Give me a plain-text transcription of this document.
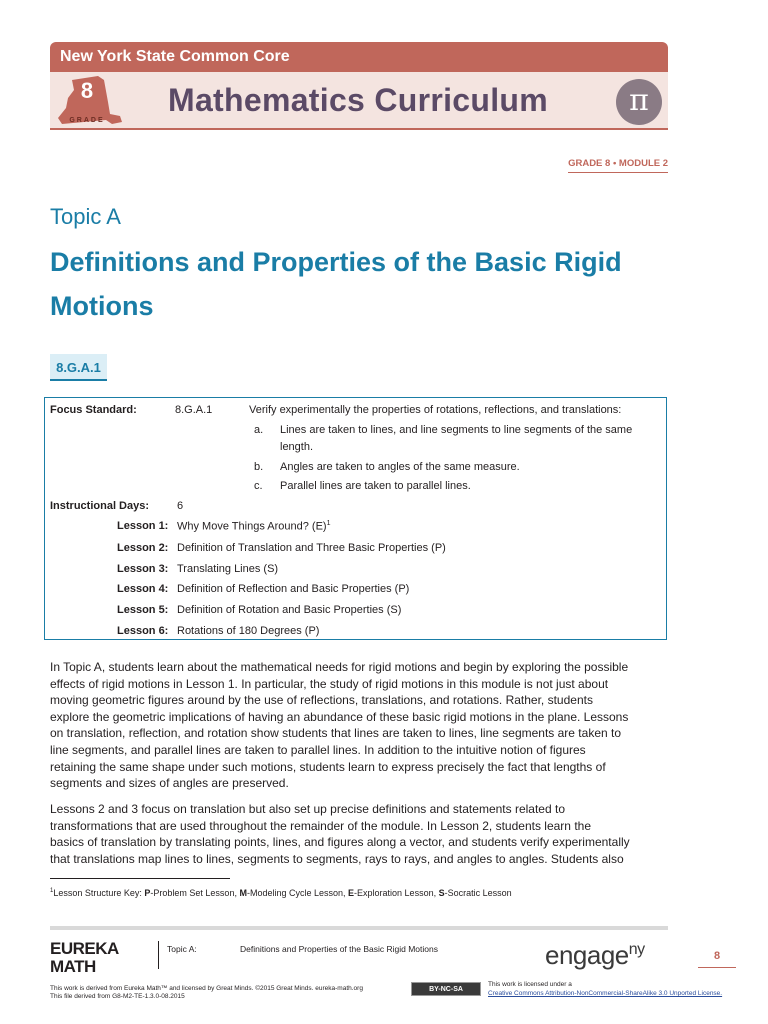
New York State Common Core
8
GRADE
Mathematics Curriculum	π
GRADE 8 • MODULE 2
Topic A
Definitions and Properties of the Basic Rigid Motions
8.G.A.1
Focus Standard:	8.G.A.1	Verify experimentally the properties of rotations, reflections, and translations:
a. Lines are taken to lines, and line segments to line segments of the same
length.
b. Angles are taken to angles of the same measure.
c. Parallel lines are taken to parallel lines.
Instructional Days:	6
Lesson 1: Why Move Things Around? $(E)^1$
Lesson 2: Definition of Translation and Three Basic Properties (P)
Lesson 3: Translating Lines (S)
Lesson 4: Definition of Reflection and Basic Properties (P)
Lesson 5: Definition of Rotation and Basic Properties (S)
Lesson 6: Rotations of 180 Degrees (P)
In Topic A, students learn about the mathematical needs for rigid motions and begin by exploring the possible
effects of rigid motions in Lesson 1. In particular, the study of rigid motions in this module is not just about
moving geometric figures around by the use of reflections, translations, and rotations. Rather, students
explore the geometric implications of having an abundance of these basic rigid motions in the plane. Lessons
on translation, reflection, and rotation show students that lines are taken to lines, line segments are taken to
line segments, and parallel lines are taken to parallel lines. In addition to the intuitive notion of figures
retaining the same shape under such motions, students learn to express precisely the fact that lengths of
segments and sizes of angles are preserved.
Lessons 2 and 3 focus on translation but also set up precise definitions and statements related to
transformations that are used throughout the remainder of the module. In Lesson 2, students learn the
basics of translation by translating points, lines, and figures along a vector, and students verify experimentally
that translations map lines to lines, segments to segments, rays to rays, and angles to angles. Students also
$^1$Lesson Structure Key: P-Problem Set Lesson, M-Modeling Cycle Lesson, E-Exploration Lesson, S-Socratic Lesson
EUREKA
MATH
Topic A:	Definitions and Properties of the Basic Rigid Motions	engage$^{ny}$	8
This work is derived from Eureka Math™ and licensed by Great Minds. ©2015 Great Minds. eureka-math.org
This file derived from G8-M2-TE-1.3.0-08.2015
BY-NC-SA
This work is licensed under a
Creative Commons Attribution-NonCommercial-ShareAlike 3.0 Unported License.
